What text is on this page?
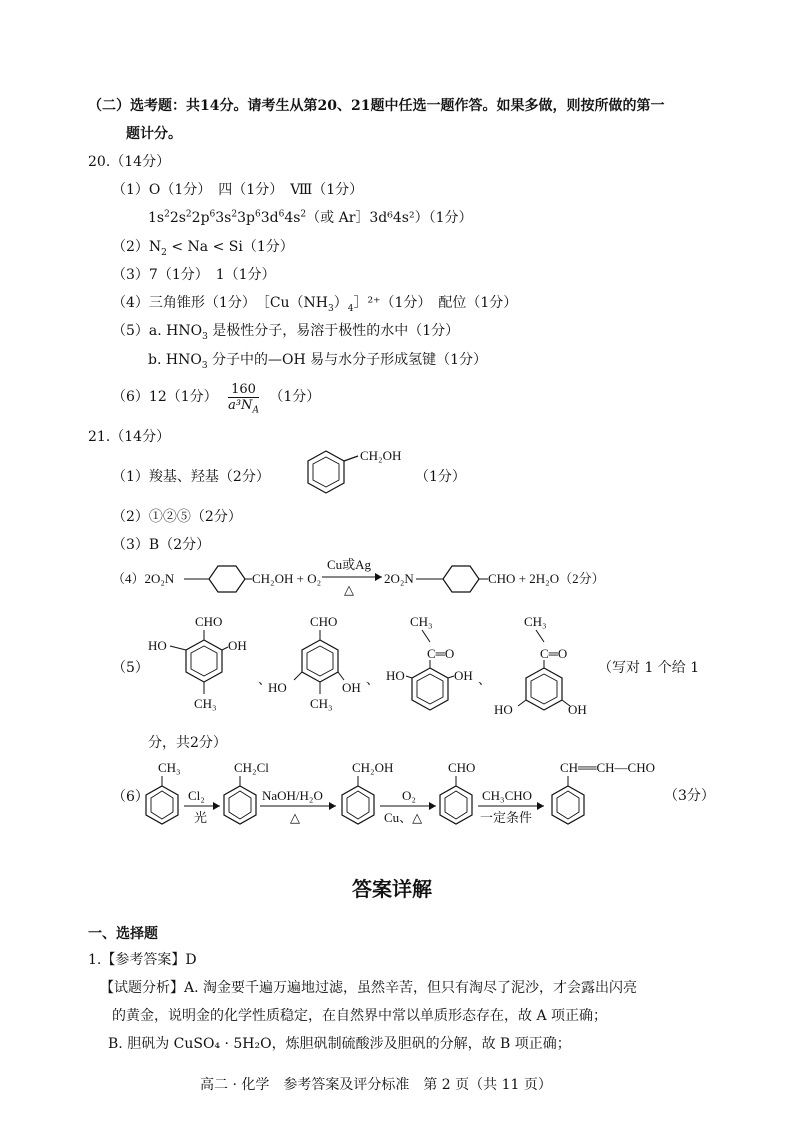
（二）选考题：共14分。请考生从第20、21题中任选一题作答。如果多做，则按所做的第一
题计分。
20.（14分）
（1）O（1分）　四（1分）　Ⅷ（1分）
$1s^22s^22p^63s^23p^63d^64s^2$（或 Ar］3d⁶4s²）（1分）
$(2)N_2 < Na < Si(1$分）
（3）7（1分）　1（1分）
（4）三角锥形（1分）　$[Cu(NH_3)_4]^{2+}(1$分）　配位（1分）
（5）a. $HNO_3$ 是极性分子，易溶于极性的水中（1分）
b. $HNO_3$ 分子中的—OH 易与水分子形成氢键（1分）
（6）12（1分） $\frac{160}{a^3N_A} (1$分）
21.（14分）
（1）羧基、羟基（2分）
CH₂OH
（1分）
（2）①②⑤（2分）
（3）B（2分）
（4）2O₂N	CH₂OH + O₂
Cu或Ag
△
2O₂N	CHO + 2H₂O（2分）
（5）
CHO
HO	OH
CH₃
、
CHO
HO	OH
CH₃
、
CH₃
C═O
HO	OH 、
CH₃
C═O
HO	OH
（写对 1 个给 1
分，共2分）
（6）
CH₃
Cl₂
光
CH₂Cl
NaOH/H₂O
△
CH₂OH
O₂
Cu、△
CHO
CH₃CHO
一定条件
CH══CH—CHO
（3分）
答案详解
一、选择题
1.【参考答案】D
【试题分析】A. 淘金要千遍万遍地过滤，虽然辛苦，但只有淘尽了泥沙，才会露出闪亮
的黄金，说明金的化学性质稳定，在自然界中常以单质形态存在，故 A 项正确；
B. 胆矾为 CuSO₄ · 5H₂O，炼胆矾制硫酸涉及胆矾的分解，故 B 项正确；
高二 · 化学　参考答案及评分标准　第 2 页（共 11 页）
